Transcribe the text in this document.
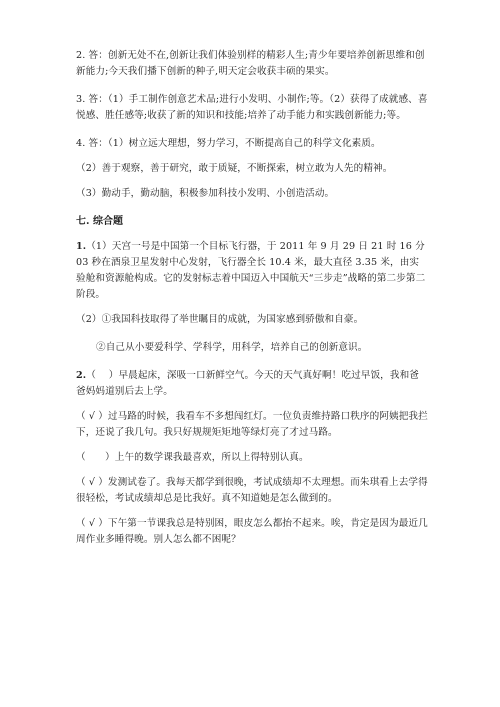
2. 答：创新无处不在,创新让我们体验别样的精彩人生;青少年要培养创新思维和创新能力;今天我们播下创新的种子,明天定会收获丰硕的果实。

3. 答：（1）手工制作创意艺术品;进行小发明、小制作;等。（2）获得了成就感、喜悦感、胜任感等;收获了新的知识和技能;培养了动手能力和实践创新能力;等。

4. 答：（1）树立远大理想，努力学习，不断提高自己的科学文化素质。

（2）善于观察，善于研究，敢于质疑，不断探索，树立敢为人先的精神。

（3）勤动手，勤动脑，积极参加科技小发明、小创造活动。

七. 综合题

1.（1）天宫一号是中国第一个目标飞行器，于 2011 年 9 月 29 日 21 时 16 分 03 秒在酒泉卫星发射中心发射，飞行器全长 10.4 米，最大直径 3.35 米，由实验舱和资源舱构成。它的发射标志着中国迈入中国航天“三步走”战略的第二步第二阶段。

（2）①我国科技取得了举世瞩目的成就，为国家感到骄傲和自豪。

②自己从小要爱科学、学科学，用科学，培养自己的创新意识。

2.（　 ）早晨起床，深吸一口新鲜空气。今天的天气真好啊！吃过早饭，我和爸爸妈妈道别后去上学。

（ √ ）过马路的时候，我看车不多想闯红灯。一位负责维持路口秩序的阿姨把我拦下，还说了我几句。我只好规规矩矩地等绿灯亮了才过马路。

（　　）上午的数学课我最喜欢，所以上得特别认真。

（ √ ）发测试卷了。我每天都学到很晚，考试成绩却不太理想。而朱琪看上去学得很轻松，考试成绩却总是比我好。真不知道她是怎么做到的。

（ √ ）下午第一节课我总是特别困，眼皮怎么都抬不起来。唉，肯定是因为最近几周作业多睡得晚。别人怎么都不困呢？
